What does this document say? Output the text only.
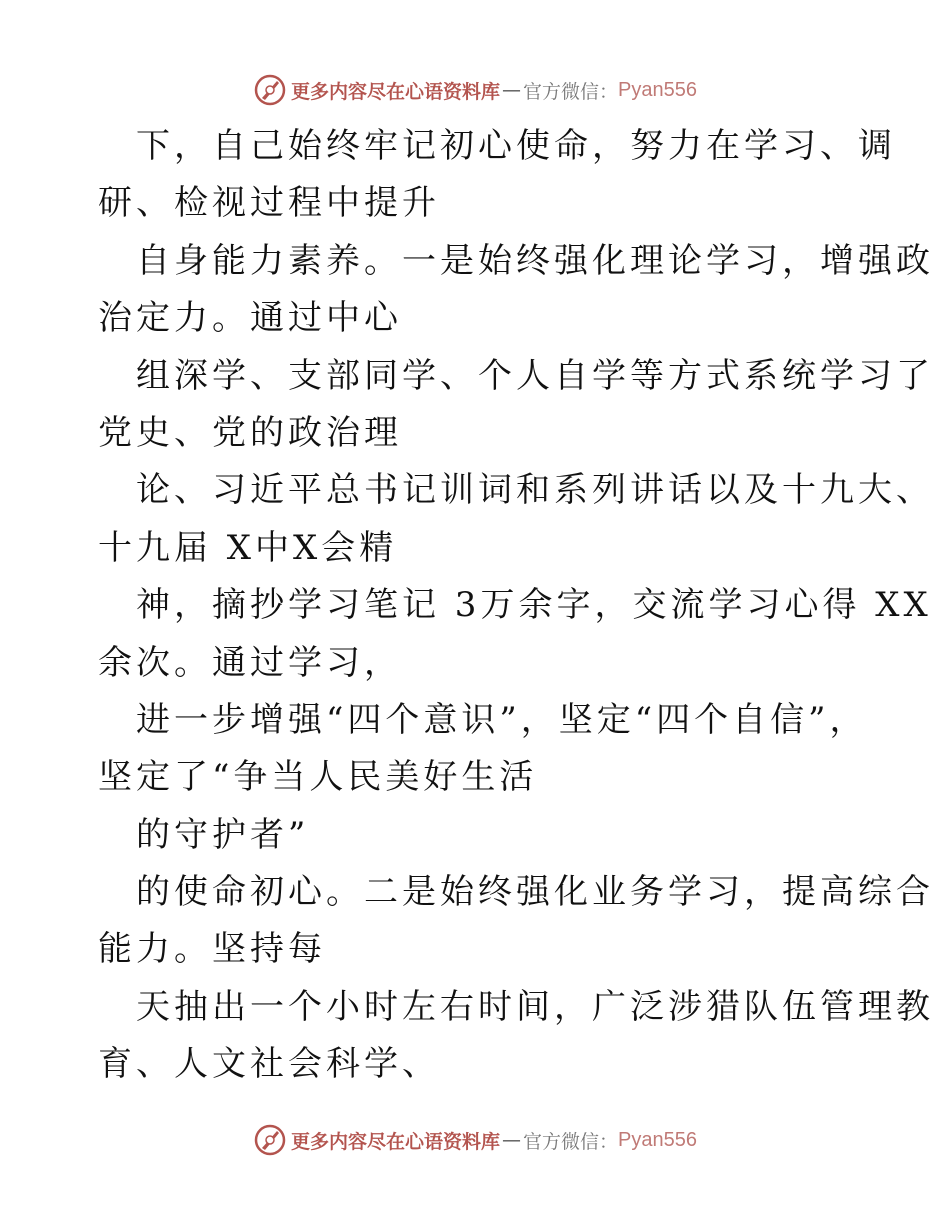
更多内容尽在心语资料库 — 官方微信： Pyan556
下，自己始终牢记初心使命，努力在学习、调
研、检视过程中提升
自身能力素养。一是始终强化理论学习，增强政
治定力。通过中心
组深学、支部同学、个人自学等方式系统学习了
党史、党的政治理
论、习近平总书记训词和系列讲话以及十九大、
十九届 X中X会精
神，摘抄学习笔记 3万余字，交流学习心得 XX
余次。通过学习，
进一步增强“四个意识”，坚定“四个自信”，
坚定了“争当人民美好生活
的守护者”
的使命初心。二是始终强化业务学习，提高综合
能力。坚持每
天抽出一个小时左右时间，广泛涉猎队伍管理教
育、人文社会科学、
更多内容尽在心语资料库 — 官方微信： Pyan556
